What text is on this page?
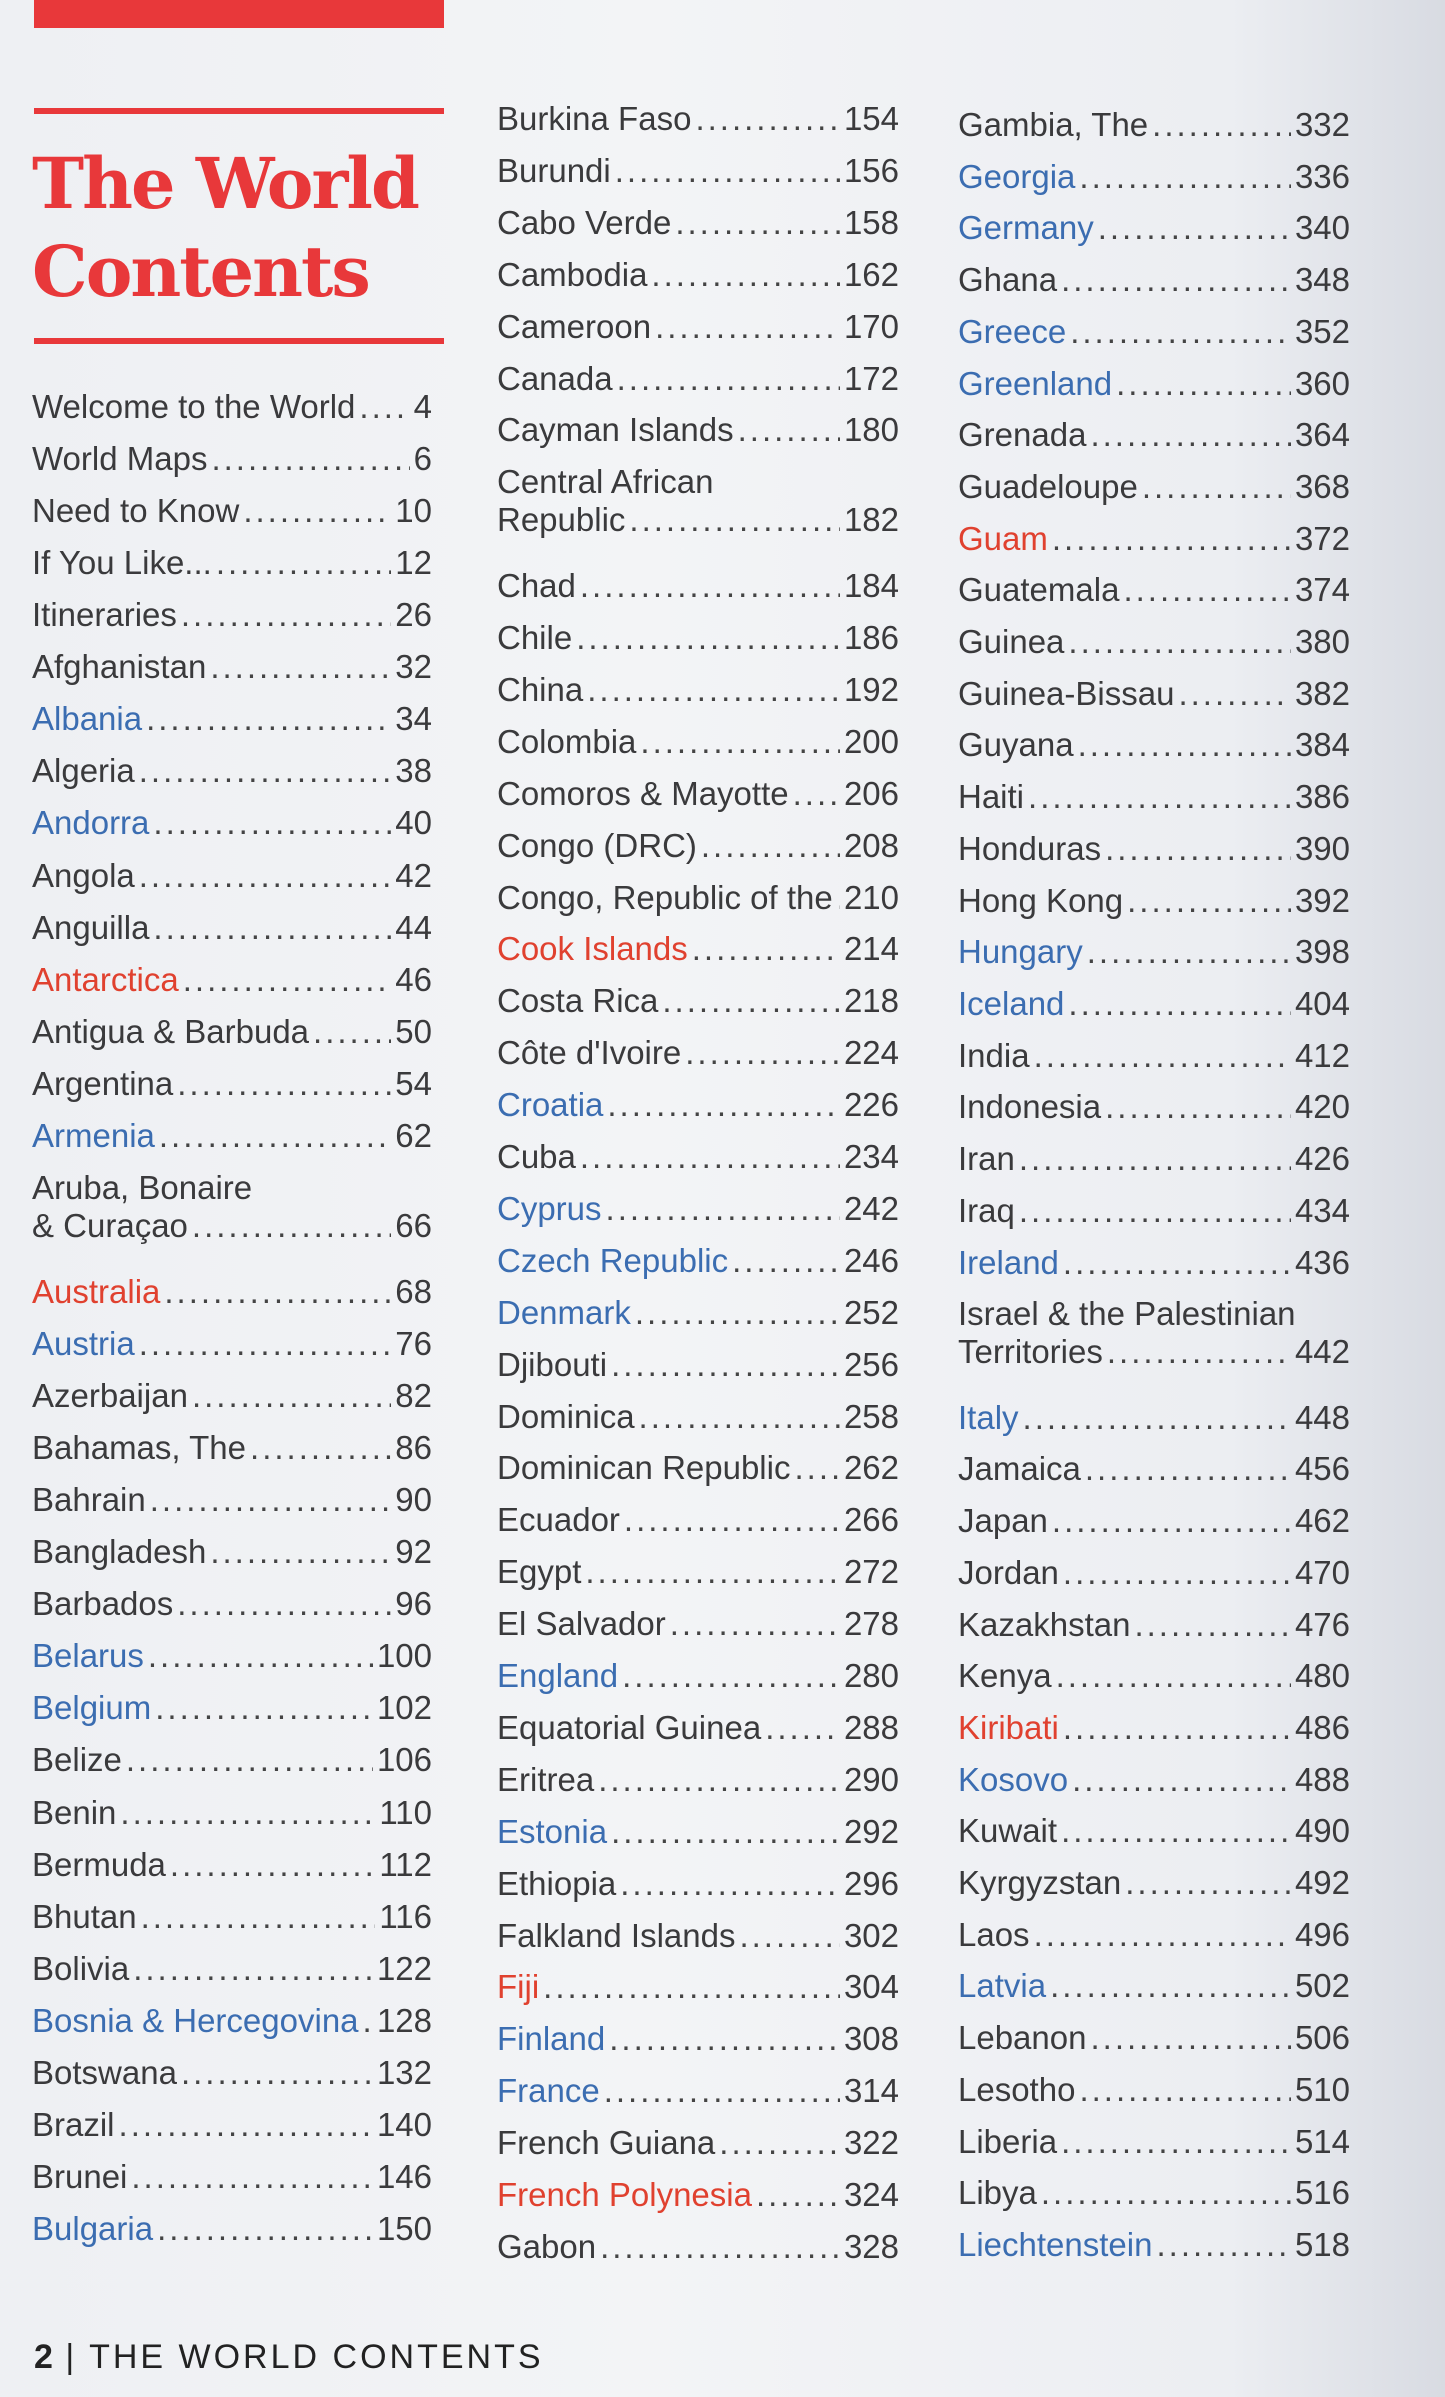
The World
Contents
Welcome to the World ..... 4
World Maps .....	6
Need to Know .....	10
If You Like... .....	12
Itineraries .....	26
Afghanistan .....	32
Albania .....	34
Algeria .....	38
Andorra .....	40
Angola .....	42
Anguilla .....	44
Antarctica .....	46
Antigua & Barbuda .....	50
Argentina .....	54
Armenia .....	62
Aruba, Bonaire
& Curaçao .....	66
Australia .....	68
Austria .....	76
Azerbaijan .....	82
Bahamas, The .....	86
Bahrain .....	90
Bangladesh .....	92
Barbados .....	96
Belarus .....	100
Belgium .....	102
Belize .....	106
Benin .....	110
Bermuda .....	112
Bhutan .....	116
Bolivia .....	122
Bosnia & Hercegovina ..... 128
Botswana .....	132
Brazil .....	140
Brunei .....	146
Bulgaria .....	150
Burkina Faso .....	154
Burundi .....	156
Cabo Verde .....	158
Cambodia .....	162
Cameroon .....	170
Canada .....	172
Cayman Islands .....	180
Central African
Republic .....	182
Chad .....	184
Chile .....	186
China .....	192
Colombia .....	200
Comoros & Mayotte ..... 206
Congo (DRC) .....	208
Congo, Republic of the ..... 210
Cook Islands .....	214
Costa Rica .....	218
Côte d'Ivoire .....	224
Croatia .....	226
Cuba .....	234
Cyprus .....	242
Czech Republic .....	246
Denmark .....	252
Djibouti .....	256
Dominica .....	258
Dominican Republic ..... 262
Ecuador .....	266
Egypt .....	272
El Salvador .....	278
England .....	280
Equatorial Guinea .....	288
Eritrea .....	290
Estonia .....	292
Ethiopia .....	296
Falkland Islands .....	302
Fiji .....	304
Finland .....	308
France .....	314
French Guiana .....	322
French Polynesia .....	324
Gabon .....	328
Gambia, The .....	332
Georgia .....	336
Germany .....	340
Ghana .....	348
Greece .....	352
Greenland .....	360
Grenada .....	364
Guadeloupe .....	368
Guam .....	372
Guatemala .....	374
Guinea .....	380
Guinea-Bissau .....	382
Guyana .....	384
Haiti .....	386
Honduras .....	390
Hong Kong .....	392
Hungary .....	398
Iceland .....	404
India .....	412
Indonesia .....	420
Iran .....	426
Iraq .....	434
Ireland .....	436
Israel & the Palestinian
Territories .....	442
Italy .....	448
Jamaica .....	456
Japan .....	462
Jordan .....	470
Kazakhstan .....	476
Kenya .....	480
Kiribati .....	486
Kosovo .....	488
Kuwait .....	490
Kyrgyzstan .....	492
Laos .....	496
Latvia .....	502
Lebanon .....	506
Lesotho .....	510
Liberia .....	514
Libya .....	516
Liechtenstein .....	518
2 | THE WORLD CONTENTS
